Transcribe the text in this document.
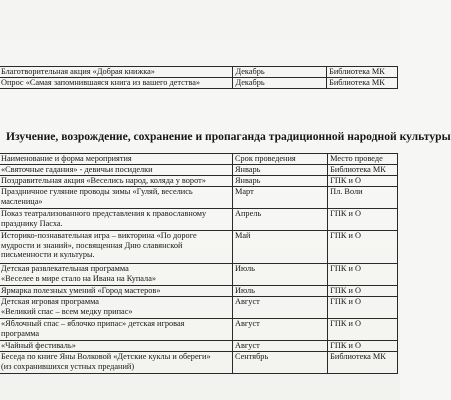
Благотворительная акция «Добрая книжка»	Декабрь	Библиотека МК
Опрос «Самая запомнившаяся книга из вашего детства»	Декабрь	Библиотека МК
Изучение, возрождение, сохранение и пропаганда традиционной народной культуры
Наименование и форма мероприятия	Срок проведения	Место проведе
«Святочные гадания» - девичьи посиделки	Январь	Библиотека МК
Поздравительная акция «Веселись народ, коляда у ворот»	Январь	ГПК и О

Праздничное гуляние проводы зимы «Гуляй, веселись
масленица»	Март	Пл. Воли

Показ театрализованного представления к православному
празднику Пасха.	Апрель	ГПК и О

Историко-познавательная игра – викторина «По дороге
мудрости и знаний», посвященная Дню славянской
письменности и культуры.	Май	ГПК и О

Детская развлекательная программа
«Веселее в мире стало на Ивана на Купала»	Июль	ГПК и О
Ярмарка полезных умений «Город мастеров»	Июль	ГПК и О

Детская игровая программа
«Великий спас – всем медку припас»	Август	ГПК и О

«Яблочный спас – яблочко припас» детская игровая
программа	Август	ГПК и О
«Чайный фестиваль»	Август	ГПК и О

Беседа по книге Яны Волковой «Детские куклы и обереги»
(из сохранившихся устных преданий)	Сентябрь	Библиотека МК
